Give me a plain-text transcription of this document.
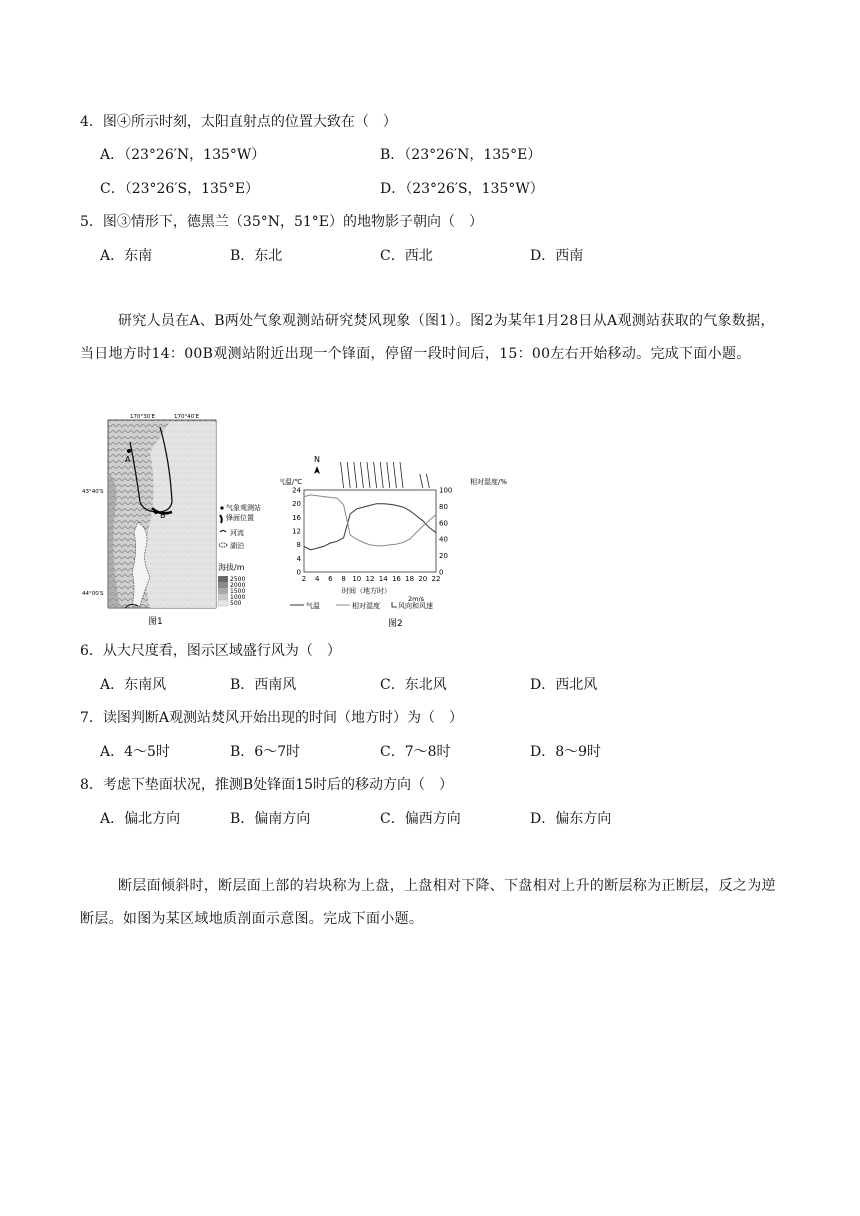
4．图④所示时刻，太阳直射点的位置大致在（　）
A．（23°26′N，135°W）	B．（23°26′N，135°E）
C．（23°26′S，135°E）	D．（23°26′S，135°W）
5．图③情形下，德黑兰（35°N，51°E）的地物影子朝向（　）
A．东南	B．东北	C．西北	D．西南
研究人员在A、B两处气象观测站研究焚风现象（图1）。图2为某年1月28日从A观测站获取的气象数据，当日地方时14：00B观测站附近出现一个锋面，停留一段时间后，15：00左右开始移动。完成下面小题。
A
B
170°30′E	170°40′E
43°40′S
44°00′S
气象观测站
锋面位置
河流
湖泊
海拔/m
2500
2000
1500
1000
500
图1
N
气温/℃	相对湿度/%
0
4
8
12
16
20
24
0
20
40
60
80
100
2 4 6 8 10 12 14 16 18 20 22
时间（地方时）
2m/s
气温	相对湿度	风向和风速
图2
6．从大尺度看，图示区域盛行风为（　）
A．东南风	B．西南风	C．东北风	D．西北风
7．读图判断A观测站焚风开始出现的时间（地方时）为（　）
A．4～5时	B．6～7时	C．7～8时	D．8～9时
8．考虑下垫面状况，推测B处锋面15时后的移动方向（　）
A．偏北方向	B．偏南方向	C．偏西方向	D．偏东方向
断层面倾斜时，断层面上部的岩块称为上盘，上盘相对下降、下盘相对上升的断层称为正断层，反之为逆断层。如图为某区域地质剖面示意图。完成下面小题。
